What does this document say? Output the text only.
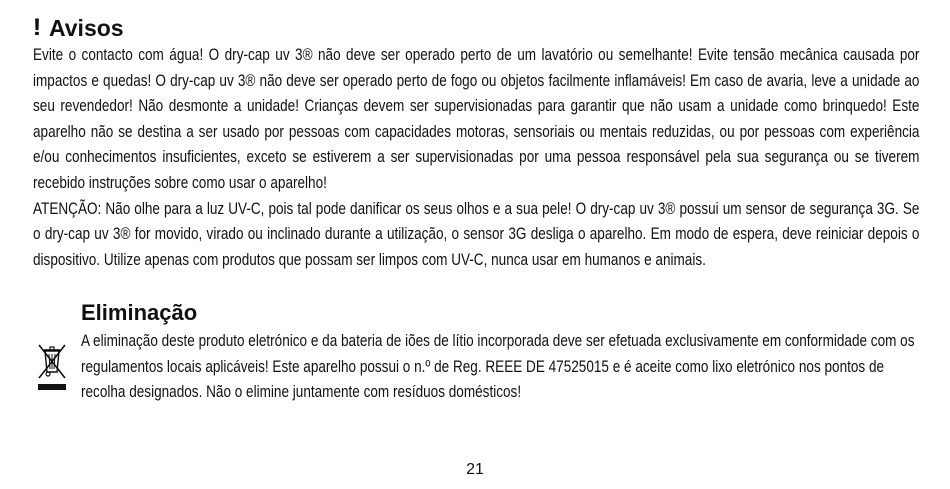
! Avisos

Evite o contacto com água! O dry-cap uv 3® não deve ser operado perto de um lavatório ou semelhante! Evite tensão mecânica causada por impactos e quedas! O dry-cap uv 3® não deve ser operado perto de fogo ou objetos facilmente inflamáveis! Em caso de avaria, leve a unidade ao seu revendedor! Não desmonte a unidade! Crianças devem ser supervisionadas para garantir que não usam a unidade como brinquedo! Este aparelho não se destina a ser usado por pessoas com capacidades motoras, sensoriais ou mentais reduzidas, ou por pessoas com experiência e/ou conhecimentos insuficientes, exceto se estiverem a ser supervisionadas por uma pessoa responsável pela sua segurança ou se tiverem recebido instruções sobre como usar o aparelho!

ATENÇÃO: Não olhe para a luz UV-C, pois tal pode danificar os seus olhos e a sua pele! O dry-cap uv 3® possui um sensor de segurança 3G. Se o dry-cap uv 3® for movido, virado ou inclinado durante a utilização, o sensor 3G desliga o aparelho. Em modo de espera, deve reiniciar depois o dispositivo. Utilize apenas com produtos que possam ser limpos com UV-C, nunca usar em humanos e animais.

Eliminação

A eliminação deste produto eletrónico e da bateria de iões de lítio incorporada deve ser efetuada exclusivamente em conformidade com os regulamentos locais aplicáveis! Este aparelho possui o n.º de Reg. REEE DE 47525015 e é aceite como lixo eletrónico nos pontos de recolha designados. Não o elimine juntamente com resíduos domésticos!

21
